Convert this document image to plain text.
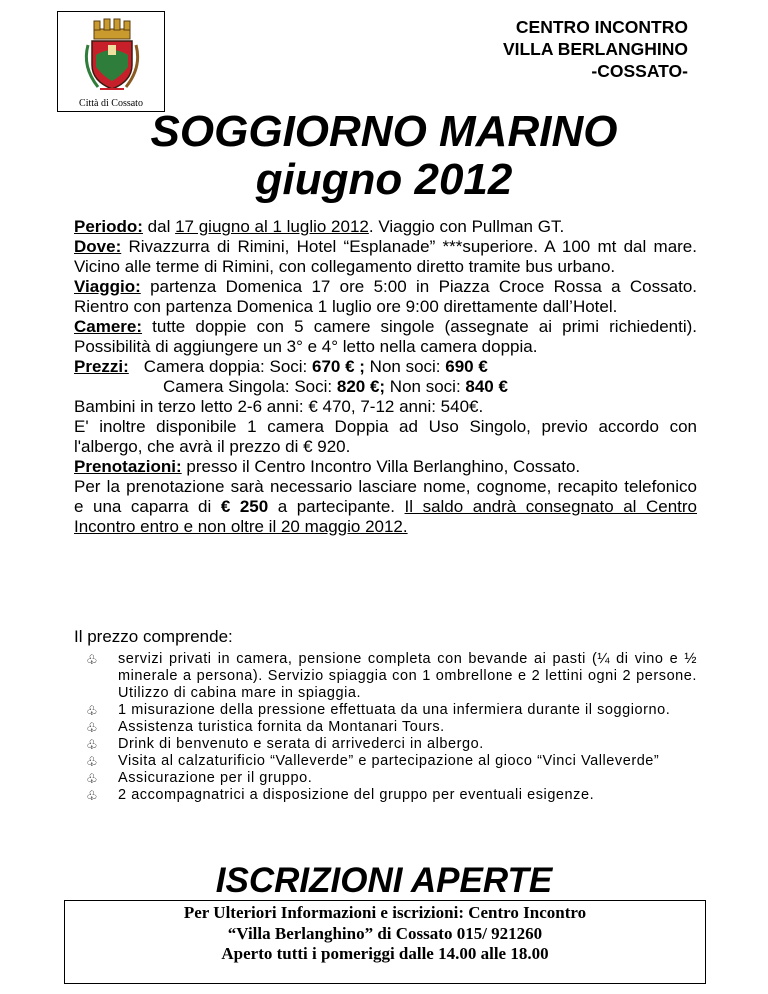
Città di Cossato
CENTRO INCONTRO
VILLA BERLANGHINO
-COSSATO-
SOGGIORNO MARINO
giugno 2012

Periodo: dal 17 giugno al 1 luglio 2012. Viaggio con Pullman GT.

Dove: Rivazzurra di Rimini, Hotel “Esplanade” ***superiore. A 100 mt dal mare. Vicino alle terme di Rimini, con collegamento diretto tramite bus urbano.

Viaggio: partenza Domenica 17 ore 5:00 in Piazza Croce Rossa a Cossato. Rientro con partenza Domenica 1 luglio ore 9:00 direttamente dall’Hotel.

Camere: tutte doppie con 5 camere singole (assegnate ai primi richiedenti). Possibilità di aggiungere un 3° e 4° letto nella camera doppia.

Prezzi: Camera doppia: Soci: 670 € ; Non soci: 690 €

Camera Singola: Soci: 820 €; Non soci: 840 €

Bambini in terzo letto 2-6 anni: € 470, 7-12 anni: 540€.

E' inoltre disponibile 1 camera Doppia ad Uso Singolo, previo accordo con l'albergo, che avrà il prezzo di € 920.

Prenotazioni: presso il Centro Incontro Villa Berlanghino, Cossato.

Per la prenotazione sarà necessario lasciare nome, cognome, recapito telefonico e una caparra di € 250 a partecipante. Il saldo andrà consegnato al Centro Incontro entro e non oltre il 20 maggio 2012.

Il prezzo comprende:
♧ servizi privati in camera, pensione completa con bevande ai pasti (¼ di vino e ½ minerale a persona). Servizio spiaggia con 1 ombrellone e 2 lettini ogni 2 persone. Utilizzo di cabina mare in spiaggia.
♧ 1 misurazione della pressione effettuata da una infermiera durante il soggiorno.
♧ Assistenza turistica fornita da Montanari Tours.
♧ Drink di benvenuto e serata di arrivederci in albergo.
♧ Visita al calzaturificio “Valleverde” e partecipazione al gioco “Vinci Valleverde”
♧ Assicurazione per il gruppo.
♧ 2 accompagnatrici a disposizione del gruppo per eventuali esigenze.
ISCRIZIONI APERTE
Per Ulteriori Informazioni e iscrizioni: Centro Incontro
“Villa Berlanghino” di Cossato 015/ 921260
Aperto tutti i pomeriggi dalle 14.00 alle 18.00
